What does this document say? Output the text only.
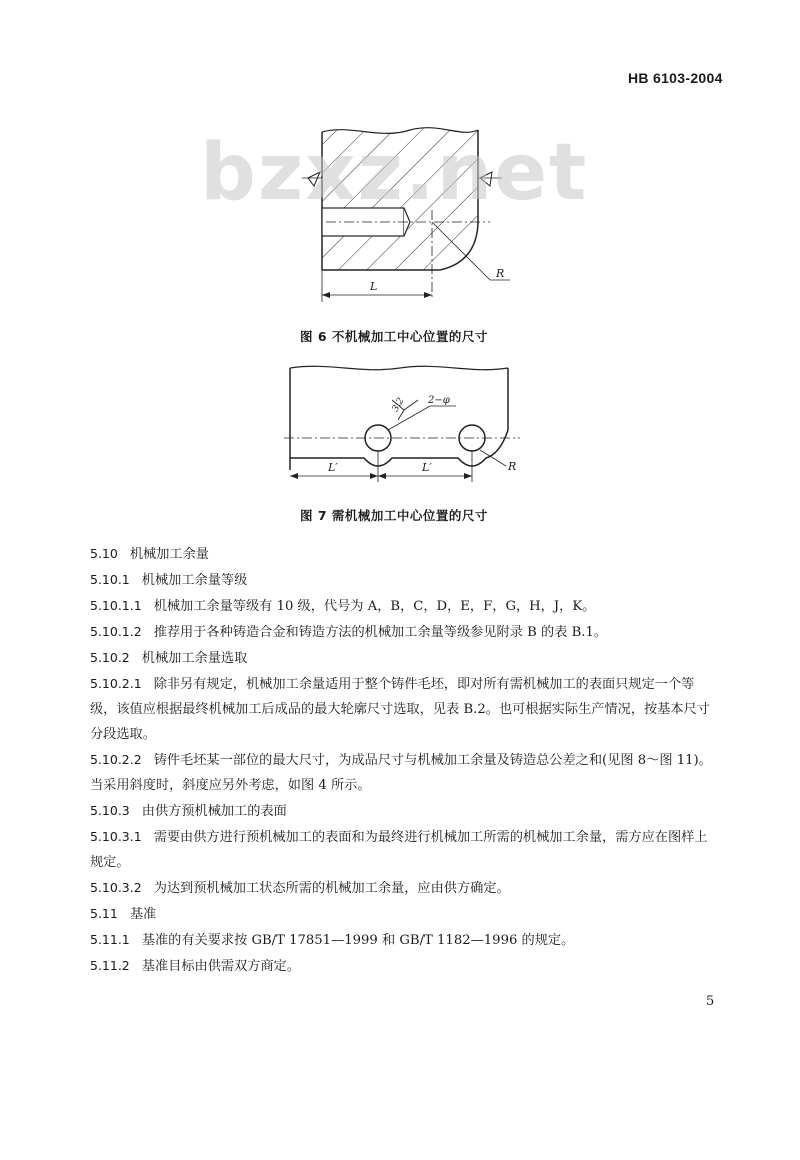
HB 6103-2004
R
L
bzxz.net
图 6 不机械加工中心位置的尺寸
3.2 2−φ
R
L′	L′
图 7 需机械加工中心位置的尺寸

5.10 机械加工余量

5.10.1 机械加工余量等级

5.10.1.1 机械加工余量等级有 10 级，代号为 A，B，C，D，E，F，G，H，J，K。

5.10.1.2 推荐用于各种铸造合金和铸造方法的机械加工余量等级参见附录 B 的表 B.1。

5.10.2 机械加工余量选取

5.10.2.1 除非另有规定，机械加工余量适用于整个铸件毛坯，即对所有需机械加工的表面只规定一个等级，该值应根据最终机械加工后成品的最大轮廓尺寸选取，见表 B.2。也可根据实际生产情况，按基本尺寸分段选取。

5.10.2.2 铸件毛坯某一部位的最大尺寸，为成品尺寸与机械加工余量及铸造总公差之和(见图 8～图 11)。当采用斜度时，斜度应另外考虑，如图 4 所示。

5.10.3 由供方预机械加工的表面

5.10.3.1 需要由供方进行预机械加工的表面和为最终进行机械加工所需的机械加工余量，需方应在图样上规定。

5.10.3.2 为达到预机械加工状态所需的机械加工余量，应由供方确定。

5.11 基准

5.11.1 基准的有关要求按 GB/T 17851—1999 和 GB/T 1182—1996 的规定。

5.11.2 基准目标由供需双方商定。

5
